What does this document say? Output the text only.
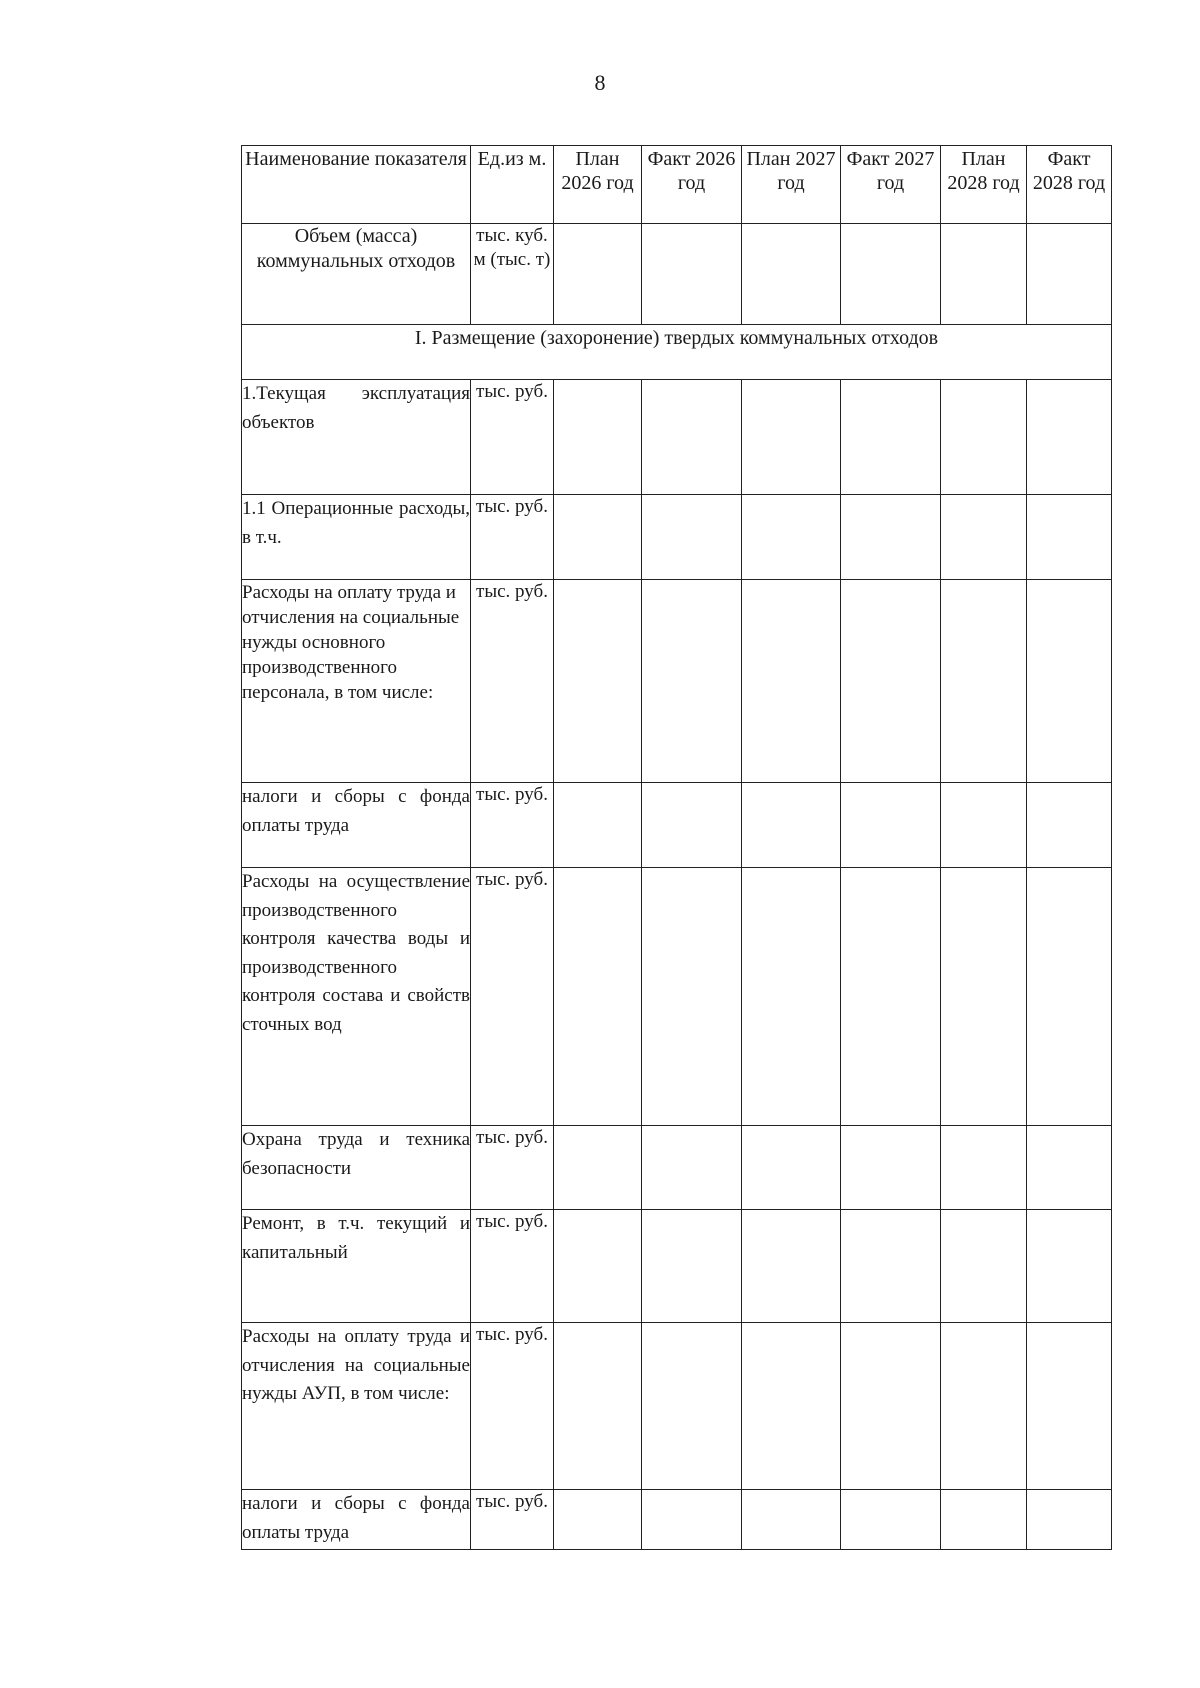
8
Наименование показателя	Ед.из м.	План 2026 год	Факт 2026 год	План 2027 год	Факт 2027 год	План 2028 год	Факт 2028 год
Объем (масса) коммунальных отходов	тыс. куб. м (тыс. т)						
I. Размещение (захоронение) твердых коммунальных отходов							
1.Текущая эксплуатация объектов	тыс. руб.						
1.1 Операционные расходы, в т.ч.	тыс. руб.						
Расходы на оплату труда и отчисления на социальные нужды основного производственного персонала, в том числе:	тыс. руб.						
налоги и сборы с фонда оплаты труда	тыс. руб.						
Расходы на осуществление производственного контроля качества воды и производственного контроля состава и свойств сточных вод	тыс. руб.						
Охрана труда и техника безопасности	тыс. руб.						
Ремонт, в т.ч. текущий и капитальный	тыс. руб.						
Расходы на оплату труда и отчисления на социальные нужды АУП, в том числе:	тыс. руб.						
налоги и сборы с фонда оплаты труда	тыс. руб.						
